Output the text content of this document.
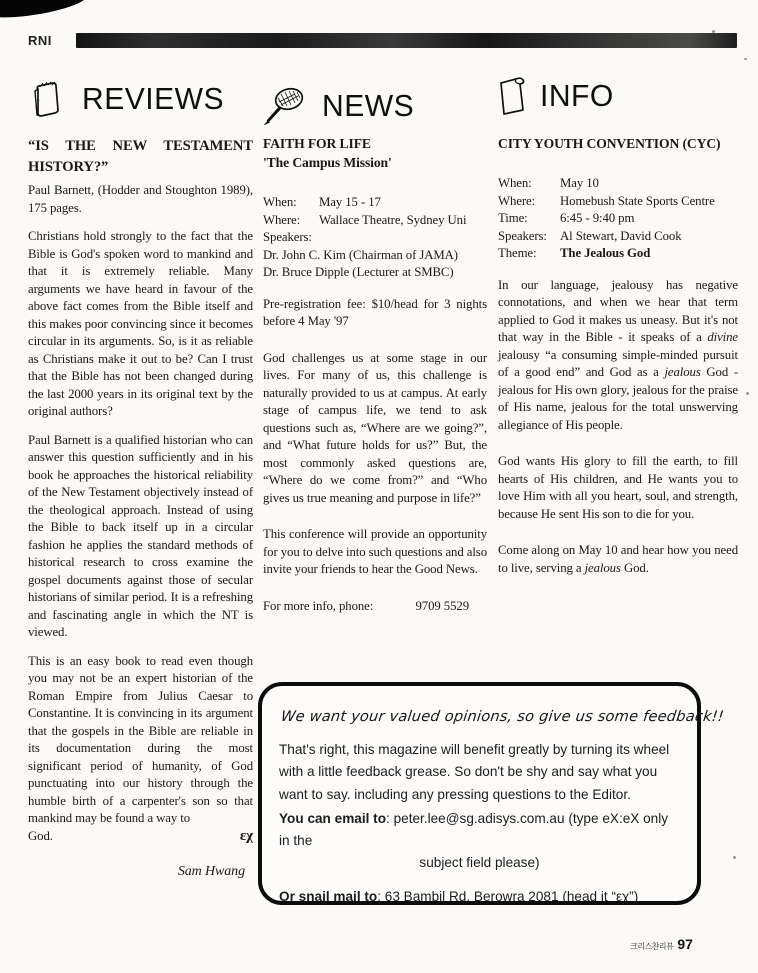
RNI
REVIEWS	NEWS	INFO
“IS THE NEW TESTAMENT HISTORY?”

Paul Barnett, (Hodder and Stoughton 1989), 175 pages.

Christians hold strongly to the fact that the Bible is God's spoken word to mankind and that it is extremely reliable. Many arguments we have heard in favour of the above fact comes from the Bible itself and this makes poor convincing since it becomes circular in its arguments. So, is it as reliable as Christians make it out to be? Can I trust that the Bible has not been changed during the last 2000 years in its original text by the original authors?

Paul Barnett is a qualified historian who can answer this question sufficiently and in his book he approaches the historical reliability of the New Testament objectively instead of the theological approach. Instead of using the Bible to back itself up in a circular fashion he applies the standard methods of historical research to cross examine the gospel documents against those of secular historians of similar period. It is a refreshing and fascinating angle in which the NT is viewed.

This is an easy book to read even though you may not be an expert historian of the Roman Empire from Julius Caesar to Constantine. It is convincing in its argument that the gospels in the Bible are reliable in its documentation during the most significant period of humanity, of God punctuating into our history through the humble birth of a carpenter's son so that mankind may be found a way to

God.	εχ
Sam Hwang
FAITH FOR LIFE
'The Campus Mission'
When:	May 15 - 17
Where:	Wallace Theatre, Sydney Uni

Speakers:

Dr. John C. Kim (Chairman of JAMA)

Dr. Bruce Dipple (Lecturer at SMBC)

Pre-registration fee: $10/head for 3 nights before 4 May '97

God challenges us at some stage in our lives. For many of us, this challenge is naturally provided to us at campus. At early stage of campus life, we tend to ask questions such as, “Where are we going?”, and “What future holds for us?” But, the most commonly asked questions are, “Where do we come from?” and “Who gives us true meaning and purpose in life?”

This conference will provide an opportunity for you to delve into such questions and also invite your friends to hear the Good News.

For more info, phone:	9709 5529
CITY YOUTH CONVENTION (CYC)
When:	May 10
Where:	Homebush State Sports Centre
Time:	6:45 - 9:40 pm
Speakers:	Al Stewart, David Cook
Theme:	The Jealous God

In our language, jealousy has negative connotations, and when we hear that term applied to God it makes us uneasy. But it's not that way in the Bible - it speaks of a divine jealousy “a consuming simple-minded pursuit of a good end” and God as a jealous God - jealous for His own glory, jealous for the praise of His name, jealous for the total unswerving allegiance of His people.

God wants His glory to fill the earth, to fill hearts of His children, and He wants you to love Him with all you heart, soul, and strength, because He sent His son to die for you.

Come along on May 10 and hear how you need to live, serving a jealous God.

We want your valued opinions, so give us some feedback!!

That's right, this magazine will benefit greatly by turning its wheel with a little feedback grease. So don't be shy and say what you want to say. including any pressing questions to the Editor.

You can email to: peter.lee@sg.adisys.com.au (type eX:eX only in the
subject field please)
Or snail mail to: 63 Bambil Rd, Berowra 2081 (head it “εχ”)
크리스챤리뷰 97
